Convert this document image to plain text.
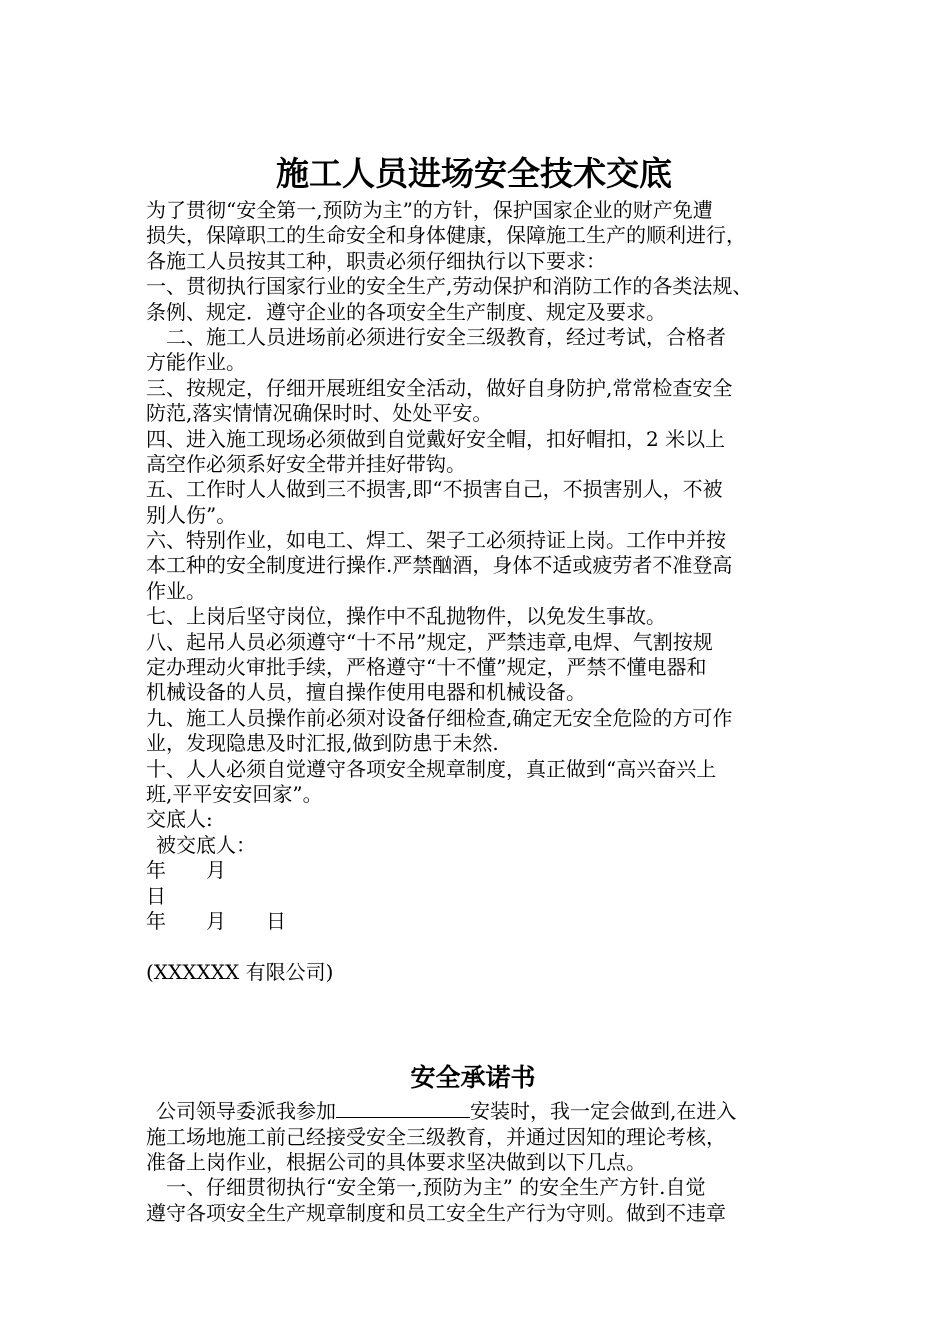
施工人员进场安全技术交底
为了贯彻“安全第一,预防为主”的方针，保护国家企业的财产免遭
损失，保障职工的生命安全和身体健康，保障施工生产的顺利进行，
各施工人员按其工种，职责必须仔细执行以下要求：
一、贯彻执行国家行业的安全生产,劳动保护和消防工作的各类法规、
条例、规定．遵守企业的各项安全生产制度、规定及要求。
二、施工人员进场前必须进行安全三级教育，经过考试，合格者
方能作业。
三、按规定，仔细开展班组安全活动，做好自身防护,常常检查安全
防范,落实情情况确保时时、处处平安。
四、进入施工现场必须做到自觉戴好安全帽，扣好帽扣，2 米以上
高空作必须系好安全带并挂好带钩。
五、工作时人人做到三不损害,即“不损害自己，不损害别人，不被
别人伤”。
六、特别作业，如电工、焊工、架子工必须持证上岗。工作中并按
本工种的安全制度进行操作.严禁酗酒，身体不适或疲劳者不准登高
作业。
七、上岗后坚守岗位，操作中不乱抛物件，以免发生事故。
八、起吊人员必须遵守“十不吊”规定，严禁违章,电焊、气割按规
定办理动火审批手续，严格遵守“十不懂”规定，严禁不懂电器和
机械设备的人员，擅自操作使用电器和机械设备。
九、施工人员操作前必须对设备仔细检查,确定无安全危险的方可作
业，发现隐患及时汇报,做到防患于未然.
十、人人必须自觉遵守各项安全规章制度，真正做到“高兴奋兴上
班,平平安安回家”。
交底人:
被交底人：
年　　月
日
年　　月　　日
(XXXXXX 有限公司)
安全承诺书
公司领导委派我参加	安装时，我一定会做到,在进入
施工场地施工前己经接受安全三级教育，并通过因知的理论考核，
准备上岗作业，根据公司的具体要求坚决做到以下几点。
一、仔细贯彻执行“安全第一,预防为主” 的安全生产方针.自觉
遵守各项安全生产规章制度和员工安全生产行为守则。做到不违章
